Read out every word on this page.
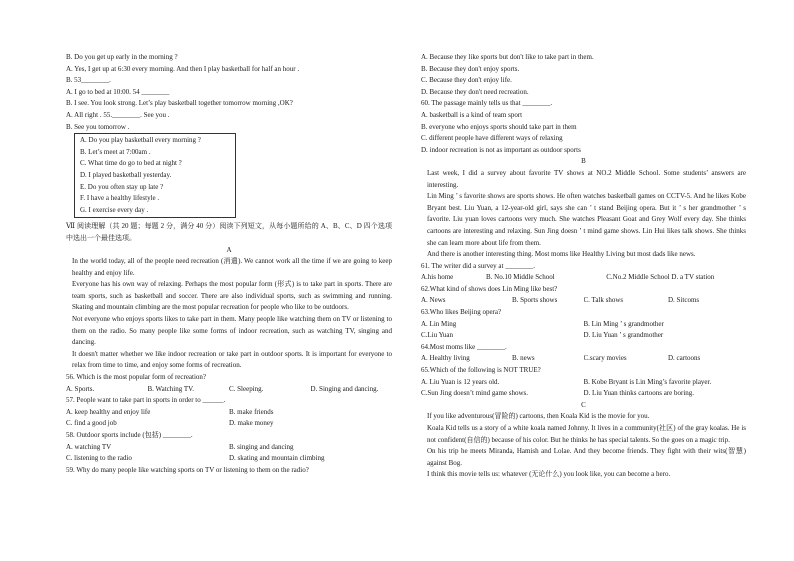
B. Do you get up early in the morning ?
A. Yes, I get up at 6:30 every morning. And then I play basketball for half an hour .
B. 53________.
A. I go to bed at 10:00. 54 ________
B. I see. You look strong. Let’s play basketball together tomorrow morning ,OK?
A. All right . 55.________. See you .
B. See you tomorrow .
A. Do you play basketball every morning ?
B. Let’s meet at 7:00am .
C. What time do go to bed at night ?
D. I played basketball yesterday.
E. Do you often stay up late ?
F. I have a healthy lifestyle .
G. I exercise every day .
Ⅶ 阅读理解（共 20 题；每题 2 分，满分 40 分）阅读下列短文，从每小题所给的 A、B、C、D 四个选项中选出一个最佳选项。
A
In the world today, all of the people need recreation (消遣). We cannot work all the time if we are going to keep healthy and enjoy life.
Everyone has his own way of relaxing. Perhaps the most popular form (形式) is to take part in sports. There are team sports, such as basketball and soccer. There are also individual sports, such as swimming and running. Skating and mountain climbing are the most popular recreation for people who like to be outdoors.
Not everyone who enjoys sports likes to take part in them. Many people like watching them on TV or listening to them on the radio. So many people like some forms of indoor recreation, such as watching TV, singing and dancing.
It doesn't matter whether we like indoor recreation or take part in outdoor sports. It is important for everyone to relax from time to time, and enjoy some forms of recreation.
56. Which is the most popular form of recreation?
A. Sports.	B. Watching TV.	C. Sleeping.	D. Singing and dancing.
57. People want to take part in sports in order to ______.
A. keep healthy and enjoy life	B. make friends
C. find a good job	D. make money
58. Outdoor sports include (包括) ________.
A. watching TV	B. singing and dancing
C. listening to the radio	D. skating and mountain climbing
59. Why do many people like watching sports on TV or listening to them on the radio?
A. Because they like sports but don't like to take part in them.
B. Because they don't enjoy sports.
C. Because they don't enjoy life.
D. Because they don't need recreation.
60. The passage mainly tells us that ________.
A. basketball is a kind of team sport
B. everyone who enjoys sports should take part in them
C. different people have different ways of relaxing
D. indoor recreation is not as important as outdoor sports
B
Last week, I did a survey about favorite TV shows at NO.2 Middle School. Some students’ answers are interesting.
Lin Ming ’ s favorite shows are sports shows. He often watches basketball games on CCTV-5. And he likes Kobe Bryant best. Liu Yuan, a 12-year-old girl, says she can ’ t stand Beijing opera. But it ’ s her grandmother ’ s favorite. Liu yuan loves cartoons very much. She watches Pleasant Goat and Grey Wolf every day. She thinks cartoons are interesting and relaxing. Sun Jing doesn ’ t mind game shows. Lin Hui likes talk shows. She thinks she can learn more about life from them.
And there is another interesting thing. Most moms like Healthy Living but most dads like news.
61. The writer did a survey at ________.
A.his home	B. No.10 Middle School	C.No.2 Middle School D. a TV station
62.What kind of shows does Lin Ming like best?
A. News	B. Sports shows	C. Talk shows	D. Sitcoms
63.Who likes Beijing opera?
A. Lin Ming	B. Lin Ming ’ s grandmother
C.Liu Yuan	D. Liu Yuan ’ s grandmother
64.Most moms like ________.
A. Healthy living	B. news	C.scary movies	D. cartoons
65.Which of the following is NOT TRUE?
A. Liu Yuan is 12 years old.	B. Kobe Bryant is Lin Ming’s favorite player.
C.Sun Jing doesn’t mind game shows.	D. Liu Yuan thinks cartoons are boring.
C
If you like adventurous(冒险的) cartoons, then Koala Kid is the movie for you.
Koala Kid tells us a story of a white koala named Johnny. It lives in a community(社区) of the gray koalas. He is not confident(自信的) because of his color. But he thinks he has special talents. So the goes on a magic trip.
On his trip he meets Miranda, Hamish and Lolae. And they become friends. They fight with their wits(智慧) against Bog.
I think this movie tells us: whatever (无论什么) you look like, you can become a hero.
